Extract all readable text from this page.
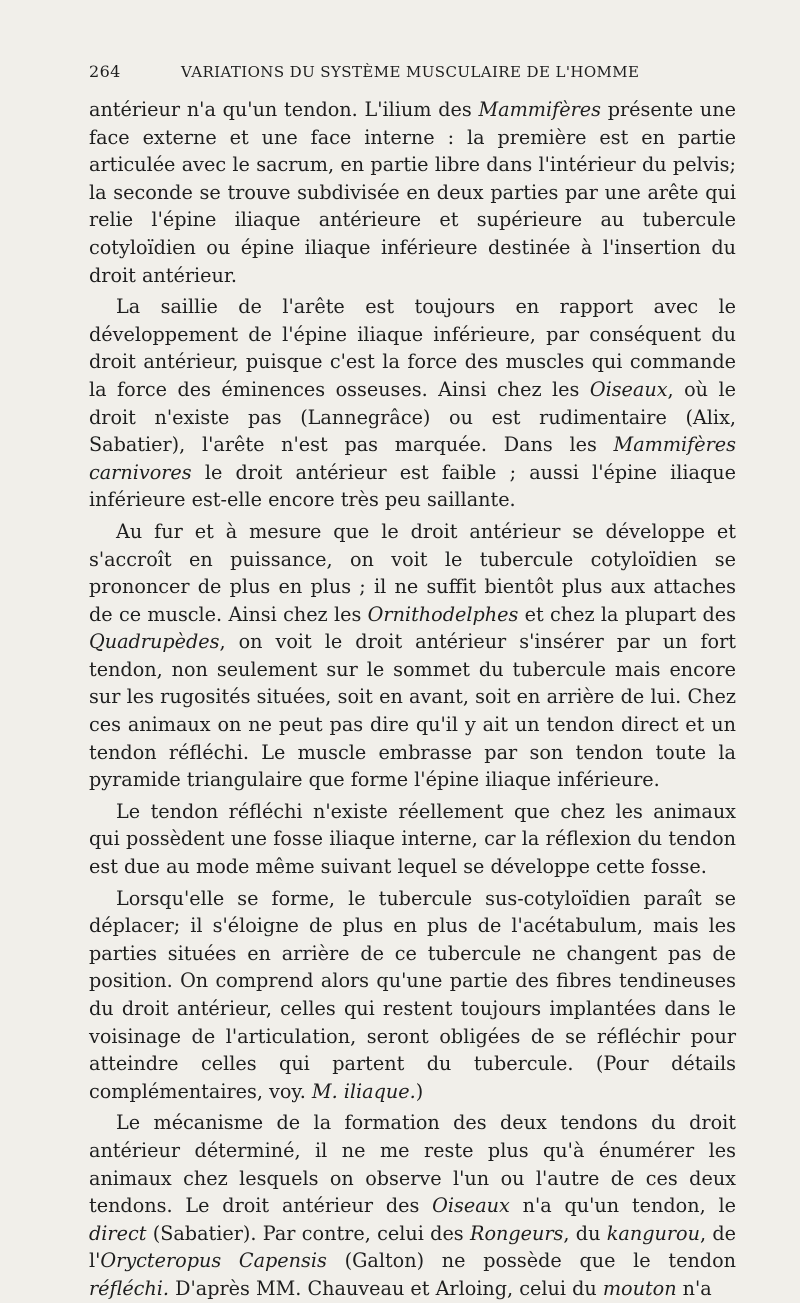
264	VARIATIONS DU SYSTÈME MUSCULAIRE DE L'HOMME

antérieur n'a qu'un tendon. L'ilium des Mammifères présente une face externe et une face interne : la première est en partie articulée avec le sacrum, en partie libre dans l'intérieur du pelvis; la seconde se trouve subdivisée en deux parties par une arête qui relie l'épine iliaque antérieure et supérieure au tubercule cotyloïdien ou épine iliaque inférieure destinée à l'insertion du droit antérieur.

La saillie de l'arête est toujours en rapport avec le développement de l'épine iliaque inférieure, par conséquent du droit antérieur, puisque c'est la force des muscles qui commande la force des éminences osseuses. Ainsi chez les Oiseaux, où le droit n'existe pas (Lannegrâce) ou est rudimentaire (Alix, Sabatier), l'arête n'est pas marquée. Dans les Mammifères carnivores le droit antérieur est faible ; aussi l'épine iliaque inférieure est-elle encore très peu saillante.

Au fur et à mesure que le droit antérieur se développe et s'accroît en puissance, on voit le tubercule cotyloïdien se prononcer de plus en plus ; il ne suffit bientôt plus aux attaches de ce muscle. Ainsi chez les Ornithodelphes et chez la plupart des Quadrupèdes, on voit le droit antérieur s'insérer par un fort tendon, non seulement sur le sommet du tubercule mais encore sur les rugosités situées, soit en avant, soit en arrière de lui. Chez ces animaux on ne peut pas dire qu'il y ait un tendon direct et un tendon réfléchi. Le muscle embrasse par son tendon toute la pyramide triangulaire que forme l'épine iliaque inférieure.

Le tendon réfléchi n'existe réellement que chez les animaux qui possèdent une fosse iliaque interne, car la réflexion du tendon est due au mode même suivant lequel se développe cette fosse.

Lorsqu'elle se forme, le tubercule sus-cotyloïdien paraît se déplacer; il s'éloigne de plus en plus de l'acétabulum, mais les parties situées en arrière de ce tubercule ne changent pas de position. On comprend alors qu'une partie des fibres tendineuses du droit antérieur, celles qui restent toujours implantées dans le voisinage de l'articulation, seront obligées de se réfléchir pour atteindre celles qui partent du tubercule. (Pour détails complémentaires, voy. M. iliaque.)

Le mécanisme de la formation des deux tendons du droit antérieur déterminé, il ne me reste plus qu'à énumérer les animaux chez lesquels on observe l'un ou l'autre de ces deux tendons. Le droit antérieur des Oiseaux n'a qu'un tendon, le direct (Sabatier). Par contre, celui des Rongeurs, du kangurou, de l'Orycteropus Capensis (Galton) ne possède que le tendon réfléchi. D'après MM. Chauveau et Arloing, celui du mouton n'a
